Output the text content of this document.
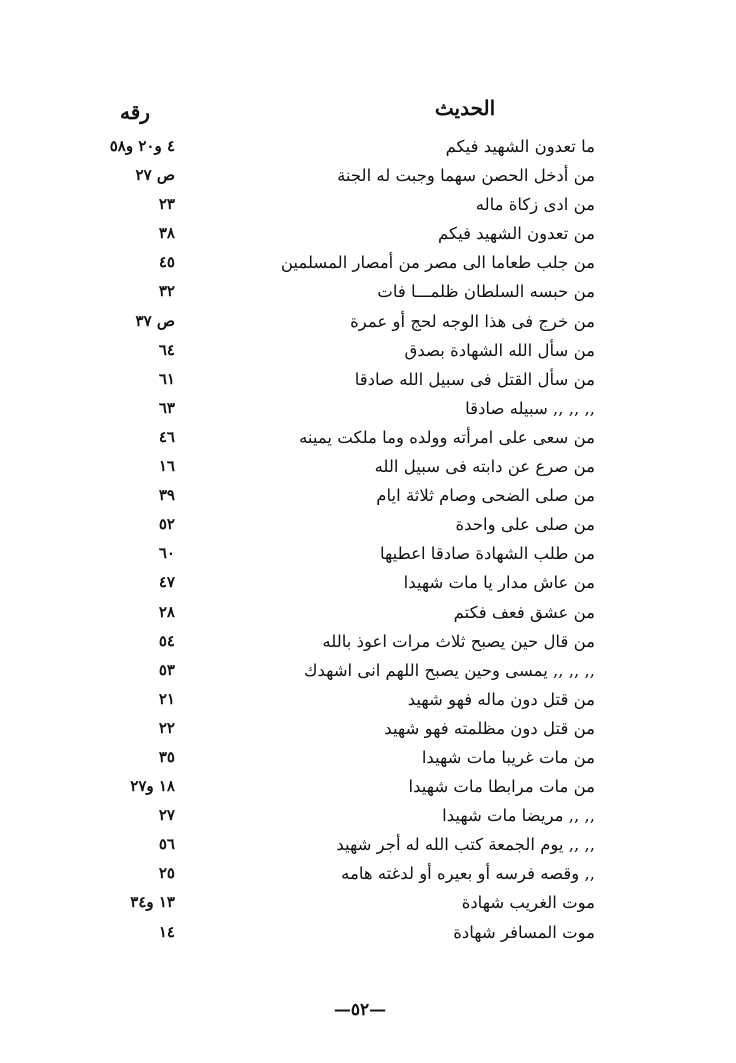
الحديث
رقه
ما تعدون الشهيد فيكم
٤ و٢٠ و٥٨
من أدخل الحصن سهما وجبت له الجنة
ص ٢٧
من ادى زكاة ماله
٢٣
من تعدون الشهيد فيكم
٣٨
من جلب طعاما الى مصر من أمصار المسلمين
٤٥
من حبسه السلطان ظلمـــا فات
٣٢
من خرج فى هذا الوجه لحج أو عمرة
ص ٣٧
من سأل الله الشهادة بصدق
٦٤
من سأل القتل فى سبيل الله صادقا
٦١
,, ,, ,, سبيله صادقا
٦٣
من سعى على امرأته وولده وما ملكت يمينه
٤٦
من صرع عن دابته فى سبيل الله
١٦
من صلى الضحى وصام ثلاثة ايام
٣٩
من صلى على واحدة
٥٢
من طلب الشهادة صادقا اعطيها
٦٠
من عاش مدار يا مات شهيدا
٤٧
من عشق فعف فكتم
٢٨
من قال حين يصبح ثلاث مرات اعوذ بالله
٥٤
,, ,, ,, يمسى وحين يصبح اللهم انى اشهدك
٥٣
من قتل دون ماله فهو شهيد
٢١
من قتل دون مظلمته فهو شهيد
٢٢
من مات غريبا مات شهيدا
٣٥
من مات مرابطا مات شهيدا
١٨ و٢٧
,, ,, مريضا مات شهيدا
٢٧
,, ,, يوم الجمعة كتب الله له أجر شهيد
٥٦
,, وقصه فرسه أو بعيره أو لدغته هامه
٢٥
موت الغريب شهادة
١٣ و٣٤
موت المسافر شهادة
١٤
—٥٢—
